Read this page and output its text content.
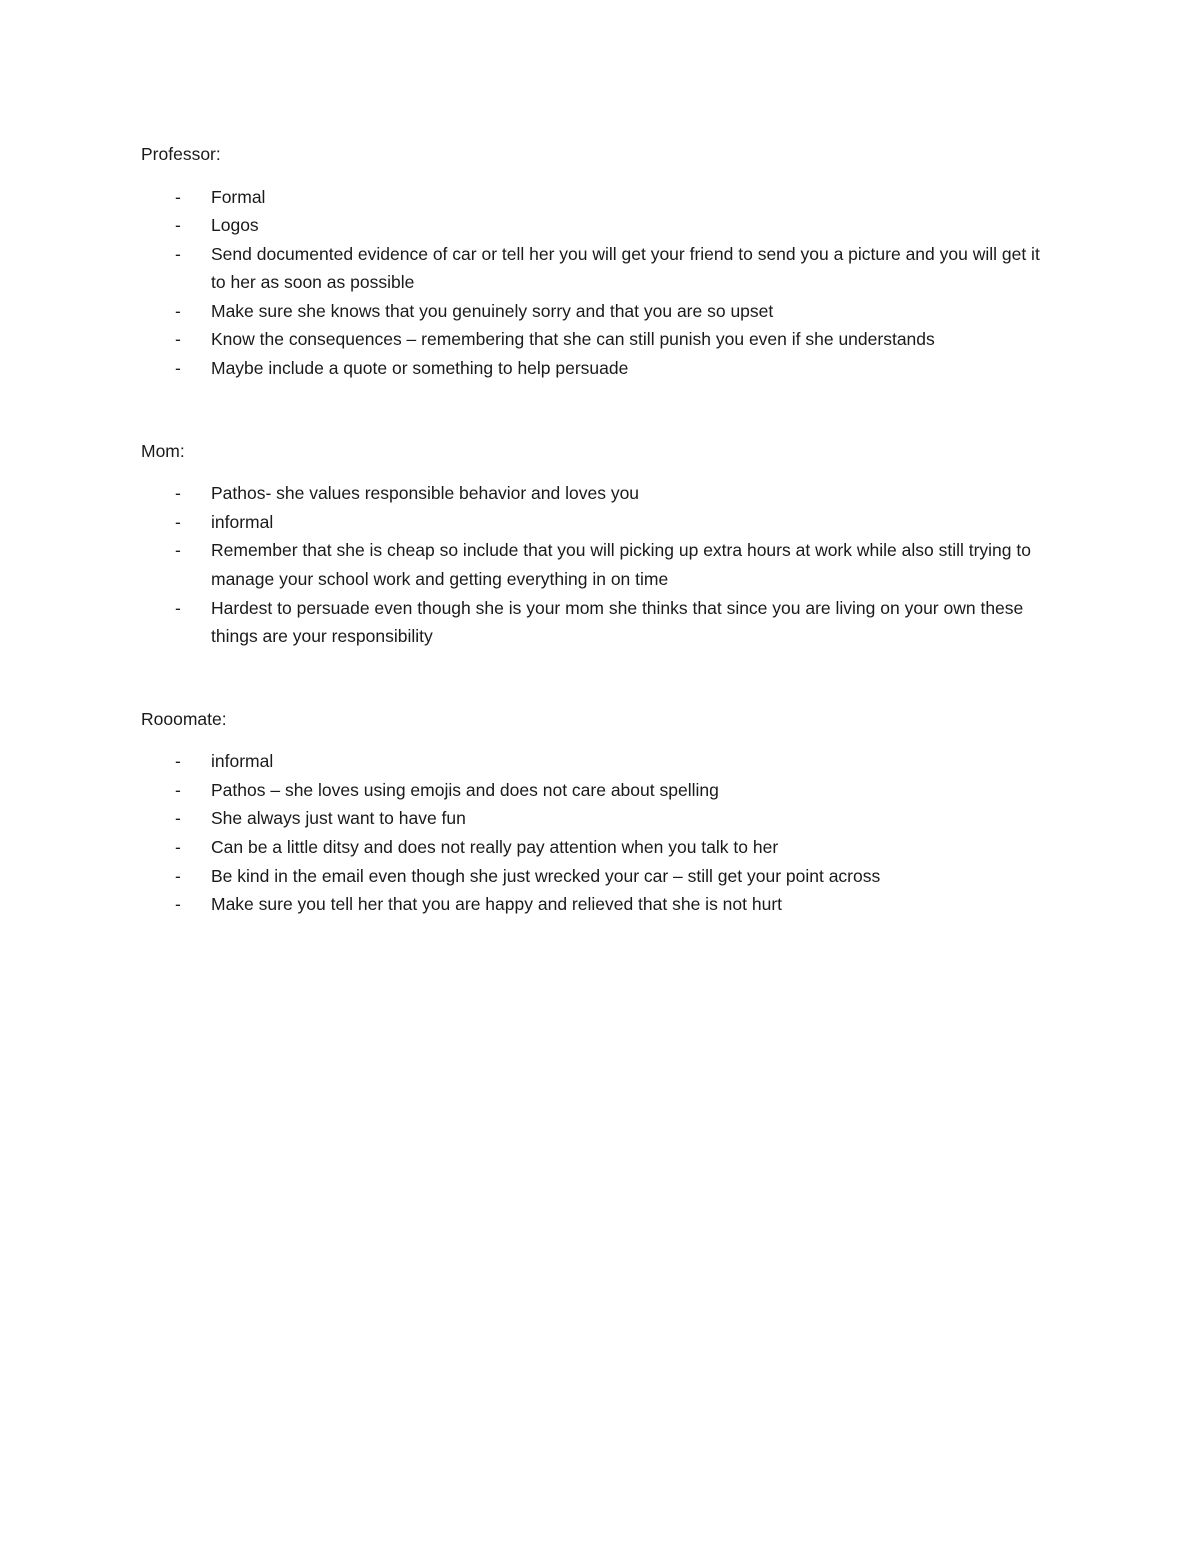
Professor:

- Formal
- Logos
- Send documented evidence of car or tell her you will get your friend to send you a picture and you will get it to her as soon as possible
- Make sure she knows that you genuinely sorry and that you are so upset
- Know the consequences – remembering that she can still punish you even if she understands
- Maybe include a quote or something to help persuade

Mom:

- Pathos- she values responsible behavior and loves you
- informal
- Remember that she is cheap so include that you will picking up extra hours at work while also still trying to manage your school work and getting everything in on time
- Hardest to persuade even though she is your mom she thinks that since you are living on your own these things are your responsibility

Rooomate:

- informal
- Pathos – she loves using emojis and does not care about spelling
- She always just want to have fun
- Can be a little ditsy and does not really pay attention when you talk to her
- Be kind in the email even though she just wrecked your car – still get your point across
- Make sure you tell her that you are happy and relieved that she is not hurt
